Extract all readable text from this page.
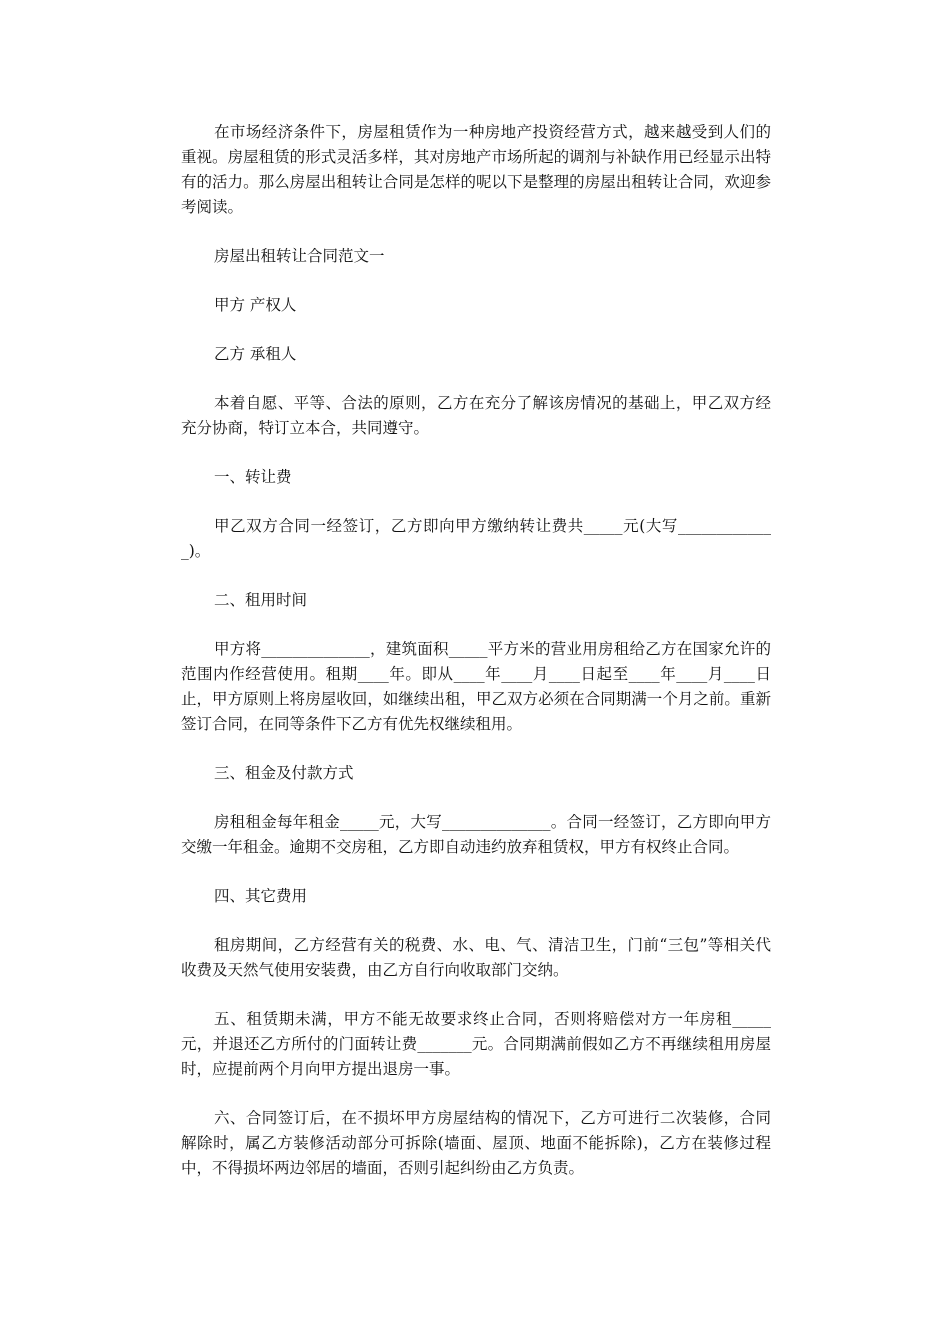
在市场经济条件下，房屋租赁作为一种房地产投资经营方式，越来越受到人们的重视。房屋租赁的形式灵活多样，其对房地产市场所起的调剂与补缺作用已经显示出特有的活力。那么房屋出租转让合同是怎样的呢以下是整理的房屋出租转让合同，欢迎参考阅读。

房屋出租转让合同范文一

甲方 产权人

乙方 承租人

本着自愿、平等、合法的原则，乙方在充分了解该房情况的基础上，甲乙双方经充分协商，特订立本合，共同遵守。

一、转让费

甲乙双方合同一经签订，乙方即向甲方缴纳转让费共_____元(大写_____________)。

二、租用时间

甲方将______________，建筑面积_____平方米的营业用房租给乙方在国家允许的范围内作经营使用。租期____年。即从____年____月____日起至____年____月____日止，甲方原则上将房屋收回，如继续出租，甲乙双方必须在合同期满一个月之前。重新签订合同，在同等条件下乙方有优先权继续租用。

三、租金及付款方式

房租租金每年租金_____元，大写______________。合同一经签订，乙方即向甲方交缴一年租金。逾期不交房租，乙方即自动违约放弃租赁权，甲方有权终止合同。

四、其它费用

租房期间，乙方经营有关的税费、水、电、气、清洁卫生，门前“三包”等相关代收费及天然气使用安装费，由乙方自行向收取部门交纳。

五、租赁期未满，甲方不能无故要求终止合同，否则将赔偿对方一年房租_____元，并退还乙方所付的门面转让费_______元。合同期满前假如乙方不再继续租用房屋时，应提前两个月向甲方提出退房一事。

六、合同签订后，在不损坏甲方房屋结构的情况下，乙方可进行二次装修，合同解除时，属乙方装修活动部分可拆除(墙面、屋顶、地面不能拆除)，乙方在装修过程中，不得损坏两边邻居的墙面，否则引起纠纷由乙方负责。
